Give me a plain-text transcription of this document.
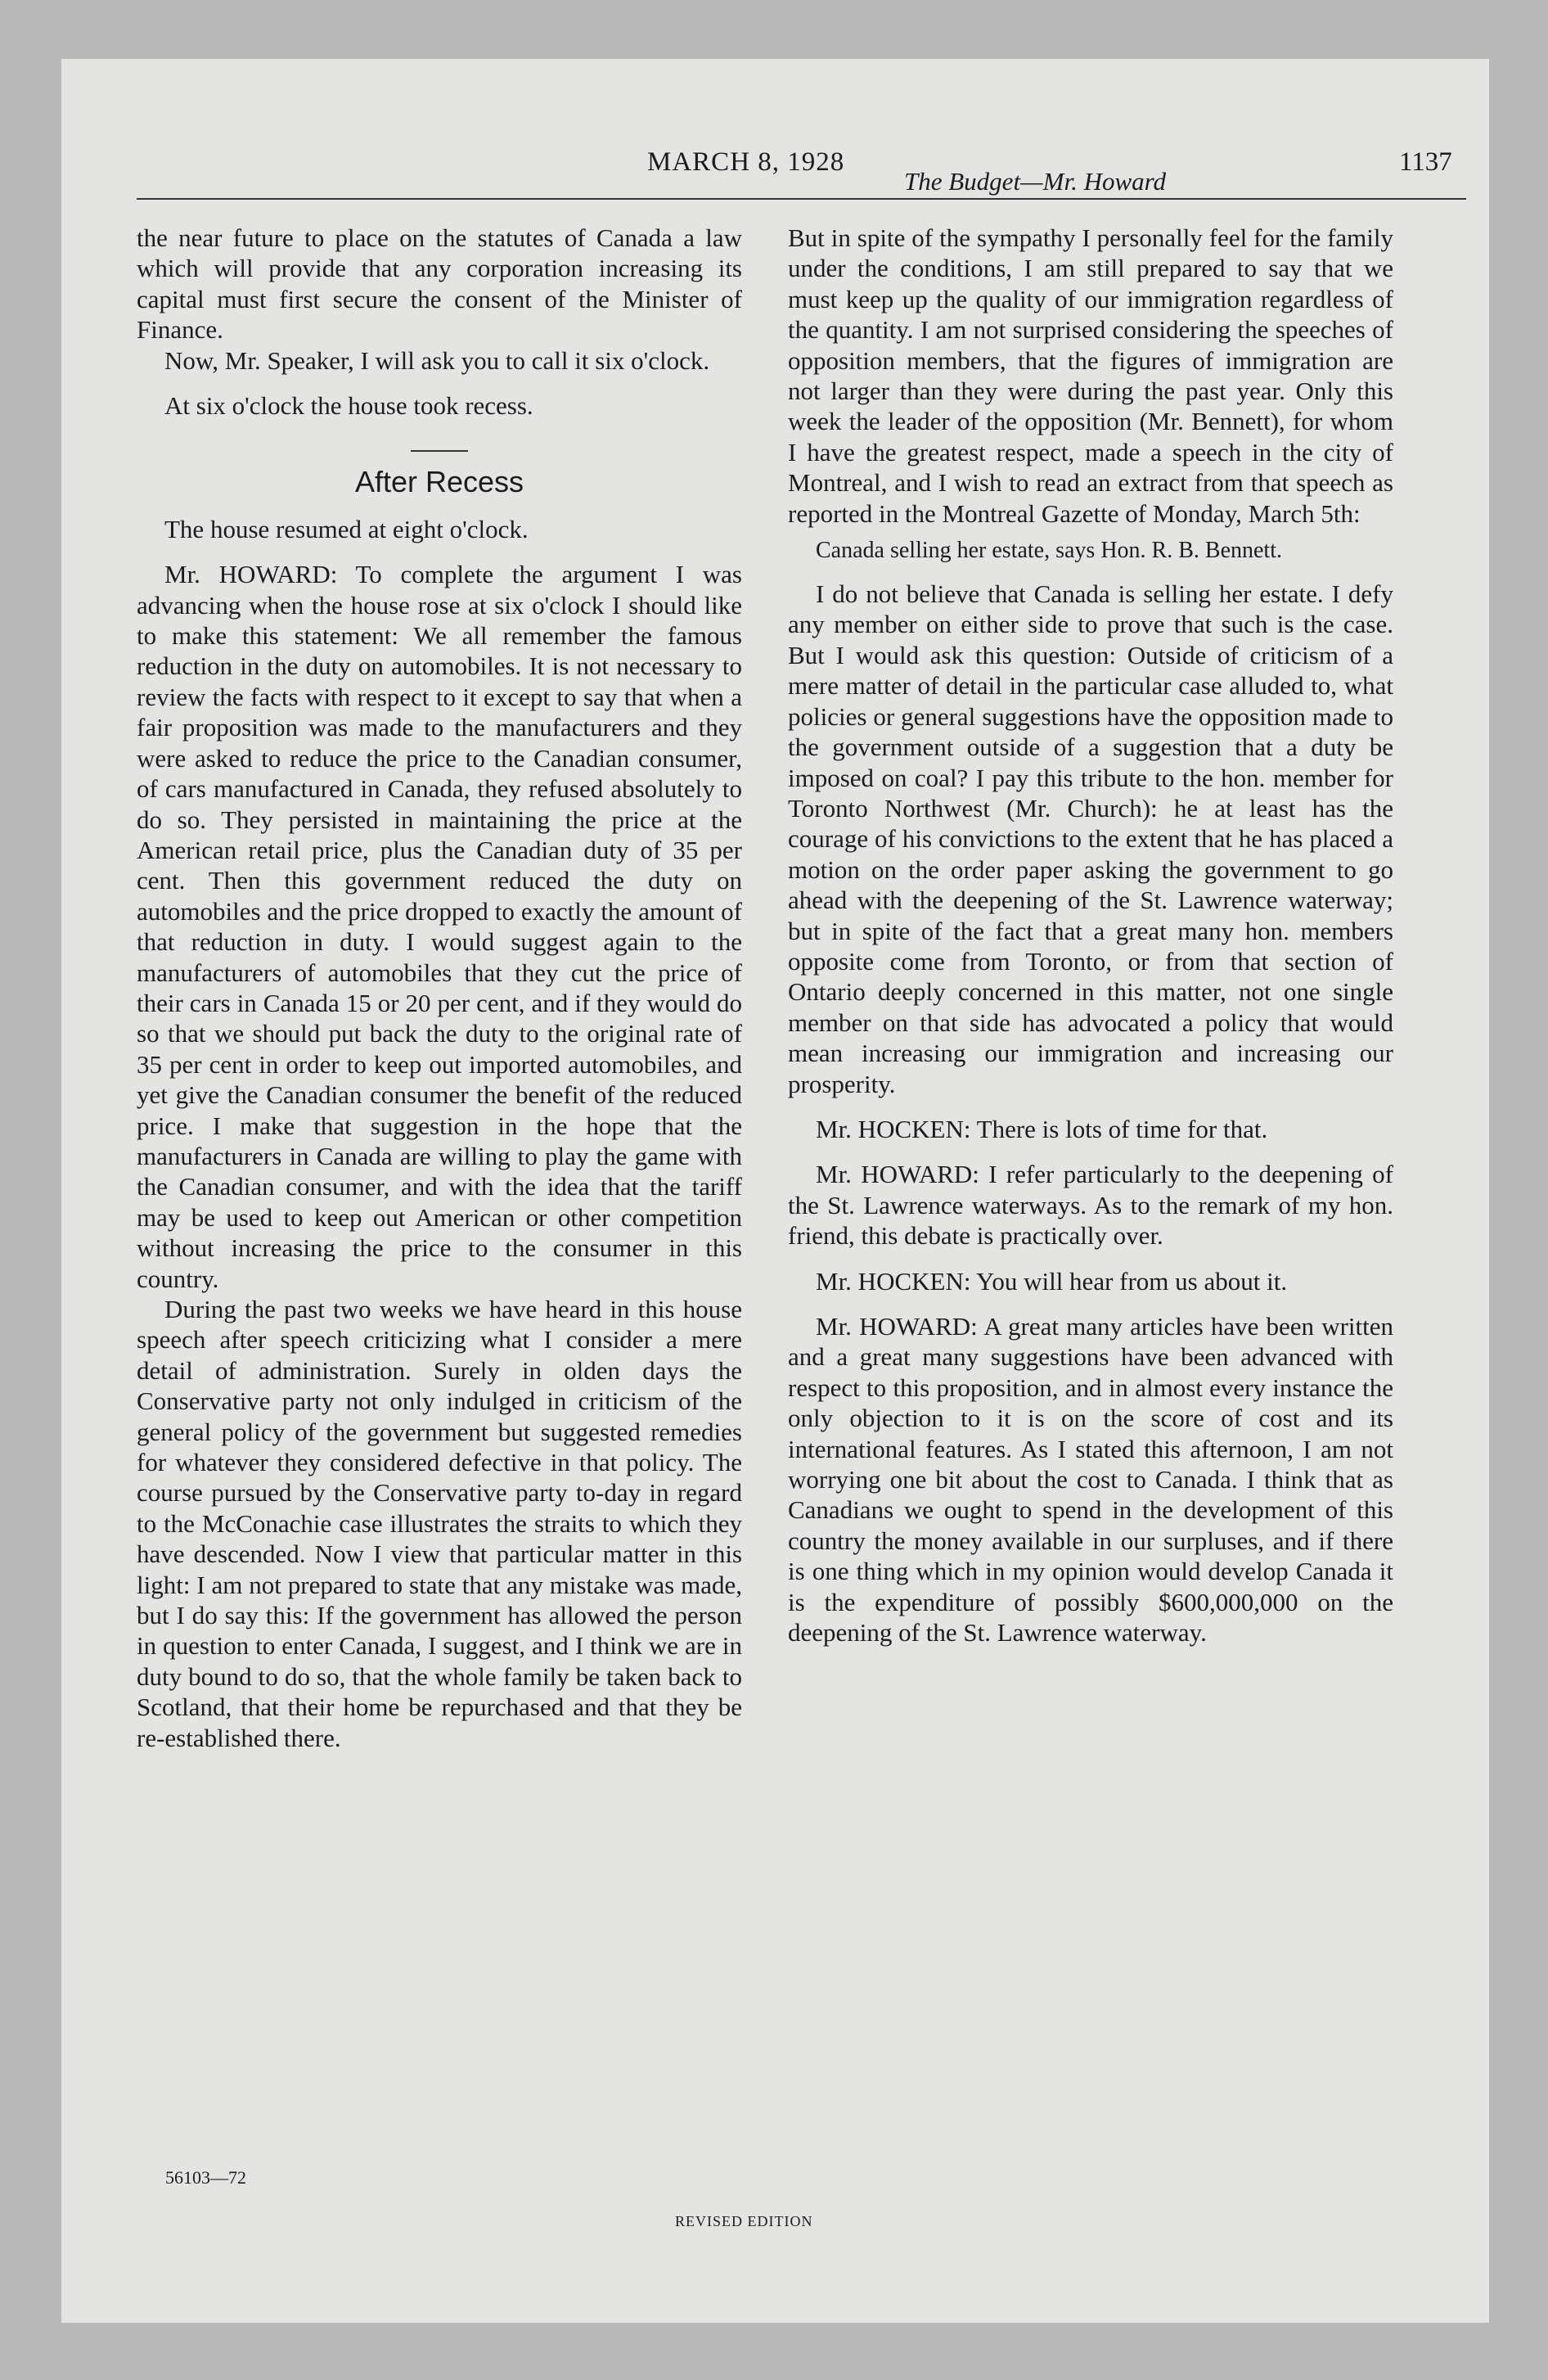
MARCH 8, 1928
The Budget—Mr. Howard
1137

the near future to place on the statutes of Canada a law which will provide that any corporation increasing its capital must first secure the consent of the Minister of Finance.

Now, Mr. Speaker, I will ask you to call it six o'clock.

At six o'clock the house took recess.

After Recess

The house resumed at eight o'clock.

Mr. HOWARD: To complete the argument I was advancing when the house rose at six o'clock I should like to make this statement: We all remember the famous reduction in the duty on automobiles. It is not necessary to review the facts with respect to it except to say that when a fair proposition was made to the manufacturers and they were asked to reduce the price to the Canadian consumer, of cars manufactured in Canada, they refused absolutely to do so. They persisted in maintaining the price at the American retail price, plus the Canadian duty of 35 per cent. Then this government reduced the duty on automobiles and the price dropped to exactly the amount of that reduction in duty. I would suggest again to the manufacturers of automobiles that they cut the price of their cars in Canada 15 or 20 per cent, and if they would do so that we should put back the duty to the original rate of 35 per cent in order to keep out imported automobiles, and yet give the Canadian consumer the benefit of the reduced price. I make that suggestion in the hope that the manufacturers in Canada are willing to play the game with the Canadian consumer, and with the idea that the tariff may be used to keep out American or other competition without increasing the price to the consumer in this country.

During the past two weeks we have heard in this house speech after speech criticizing what I consider a mere detail of administration. Surely in olden days the Conservative party not only indulged in criticism of the general policy of the government but suggested remedies for whatever they considered defective in that policy. The course pursued by the Conservative party to-day in regard to the McConachie case illustrates the straits to which they have descended. Now I view that particular matter in this light: I am not prepared to state that any mistake was made, but I do say this: If the government has allowed the person in question to enter Canada, I suggest, and I think we are in duty bound to do so, that the whole family be taken back to Scotland, that their home be repurchased and that they be re-established there.

But in spite of the sympathy I personally feel for the family under the conditions, I am still prepared to say that we must keep up the quality of our immigration regardless of the quantity. I am not surprised considering the speeches of opposition members, that the figures of immigration are not larger than they were during the past year. Only this week the leader of the opposition (Mr. Bennett), for whom I have the greatest respect, made a speech in the city of Montreal, and I wish to read an extract from that speech as reported in the Montreal Gazette of Monday, March 5th:

Canada selling her estate, says Hon. R. B. Bennett.

I do not believe that Canada is selling her estate. I defy any member on either side to prove that such is the case. But I would ask this question: Outside of criticism of a mere matter of detail in the particular case alluded to, what policies or general suggestions have the opposition made to the government outside of a suggestion that a duty be imposed on coal? I pay this tribute to the hon. member for Toronto Northwest (Mr. Church): he at least has the courage of his convictions to the extent that he has placed a motion on the order paper asking the government to go ahead with the deepening of the St. Lawrence waterway; but in spite of the fact that a great many hon. members opposite come from Toronto, or from that section of Ontario deeply concerned in this matter, not one single member on that side has advocated a policy that would mean increasing our immigration and increasing our prosperity.

Mr. HOCKEN: There is lots of time for that.

Mr. HOWARD: I refer particularly to the deepening of the St. Lawrence waterways. As to the remark of my hon. friend, this debate is practically over.

Mr. HOCKEN: You will hear from us about it.

Mr. HOWARD: A great many articles have been written and a great many suggestions have been advanced with respect to this proposition, and in almost every instance the only objection to it is on the score of cost and its international features. As I stated this afternoon, I am not worrying one bit about the cost to Canada. I think that as Canadians we ought to spend in the development of this country the money available in our surpluses, and if there is one thing which in my opinion would develop Canada it is the expenditure of possibly $600,000,000 on the deepening of the St. Lawrence waterway.

56103—72
REVISED EDITION
